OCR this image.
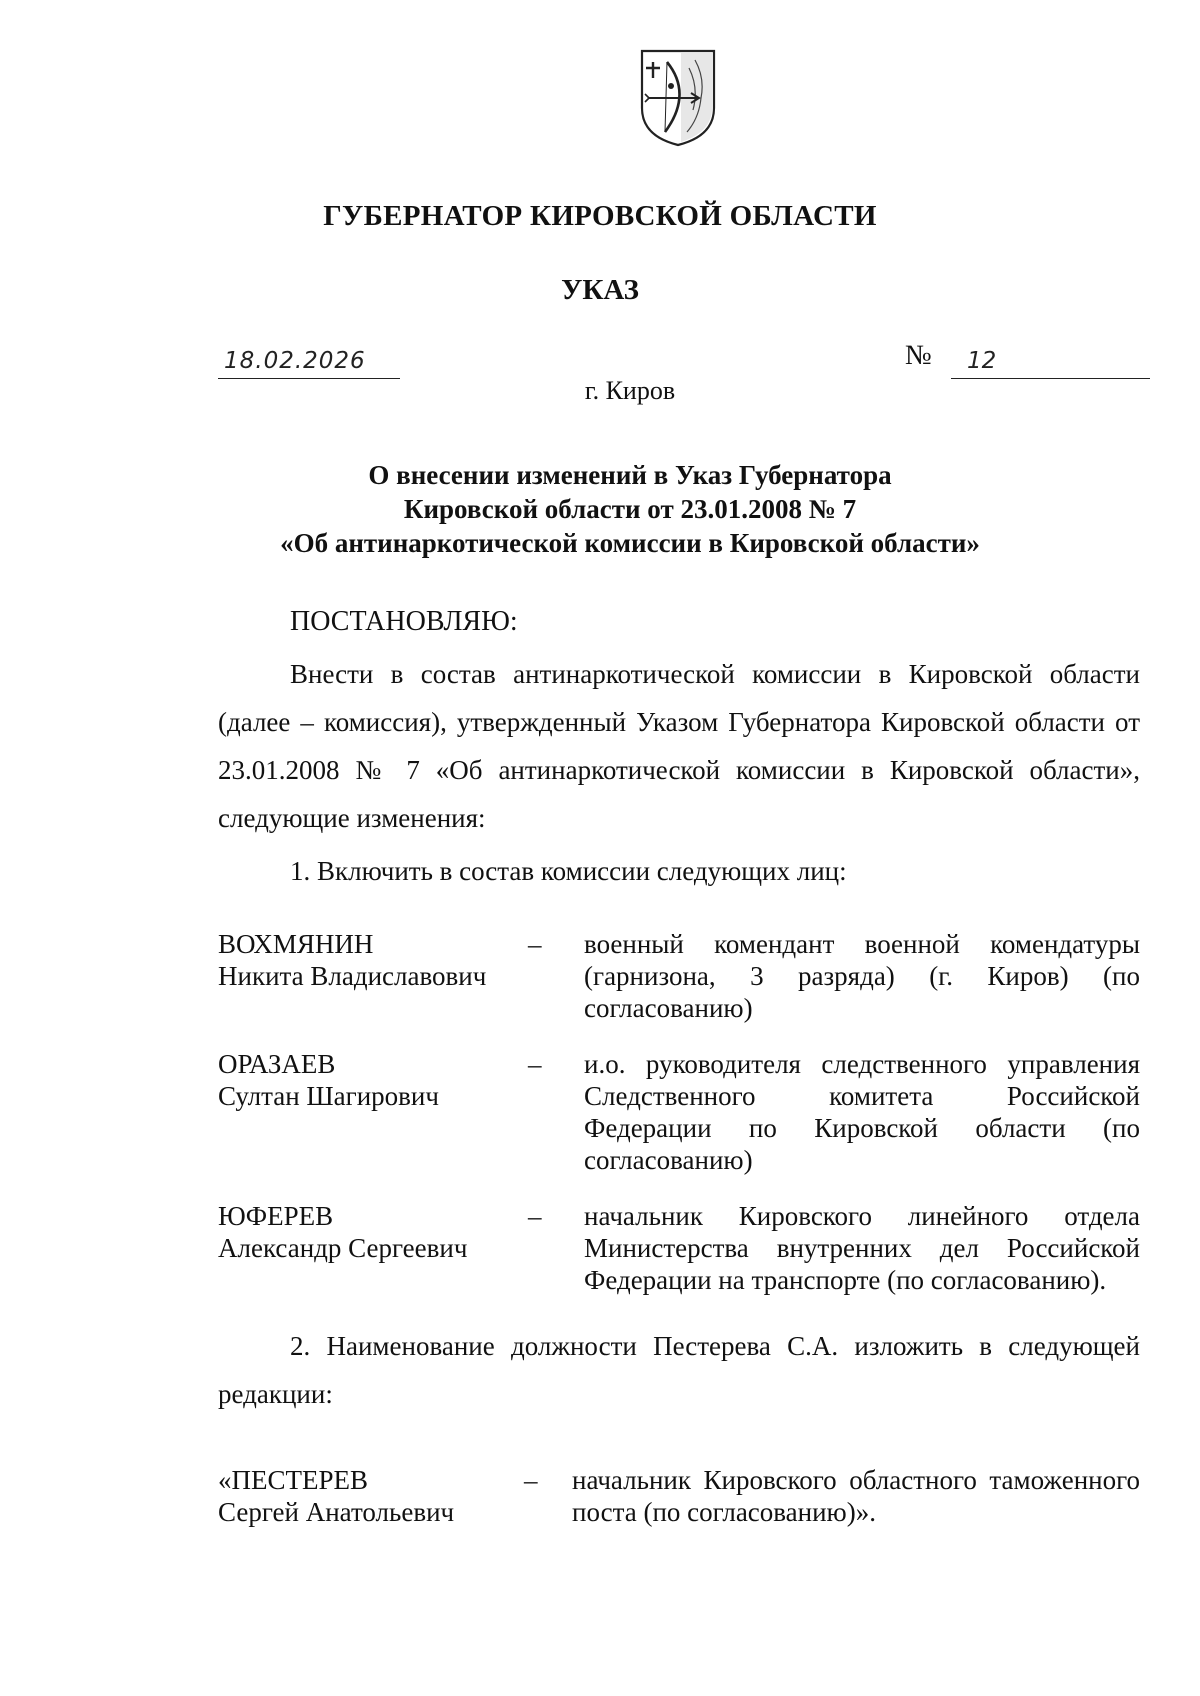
ГУБЕРНАТОР КИРОВСКОЙ ОБЛАСТИ
УКАЗ
18.02.2026	№	12
г. Киров
О внесении изменений в Указ Губернатора
Кировской области от 23.01.2008 № 7
«Об антинаркотической комиссии в Кировской области»
ПОСТАНОВЛЯЮ:
Внести в состав антинаркотической комиссии в Кировской области (далее – комиссия), утвержденный Указом Губернатора Кировской области от 23.01.2008 № 7 «Об антинаркотической комиссии в Кировской области», следующие изменения:
1. Включить в состав комиссии следующих лиц:
ВОХМЯНИН
Никита Владиславович
–	военный комендант военной комендатуры (гарнизона, 3 разряда) (г. Киров) (по согласованию)
ОРАЗАЕВ
Султан Шагирович
–	и.о. руководителя следственного управления Следственного комитета Российской Федерации по Кировской области (по согласованию)
ЮФЕРЕВ
Александр Сергеевич
–	начальник Кировского линейного отдела Министерства внутренних дел Российской Федерации на транспорте (по согласованию).
2. Наименование должности Пестерева С.А. изложить в следующей редакции:
«ПЕСТЕРЕВ
Сергей Анатольевич
–	начальник Кировского областного таможенного поста (по согласованию)».
